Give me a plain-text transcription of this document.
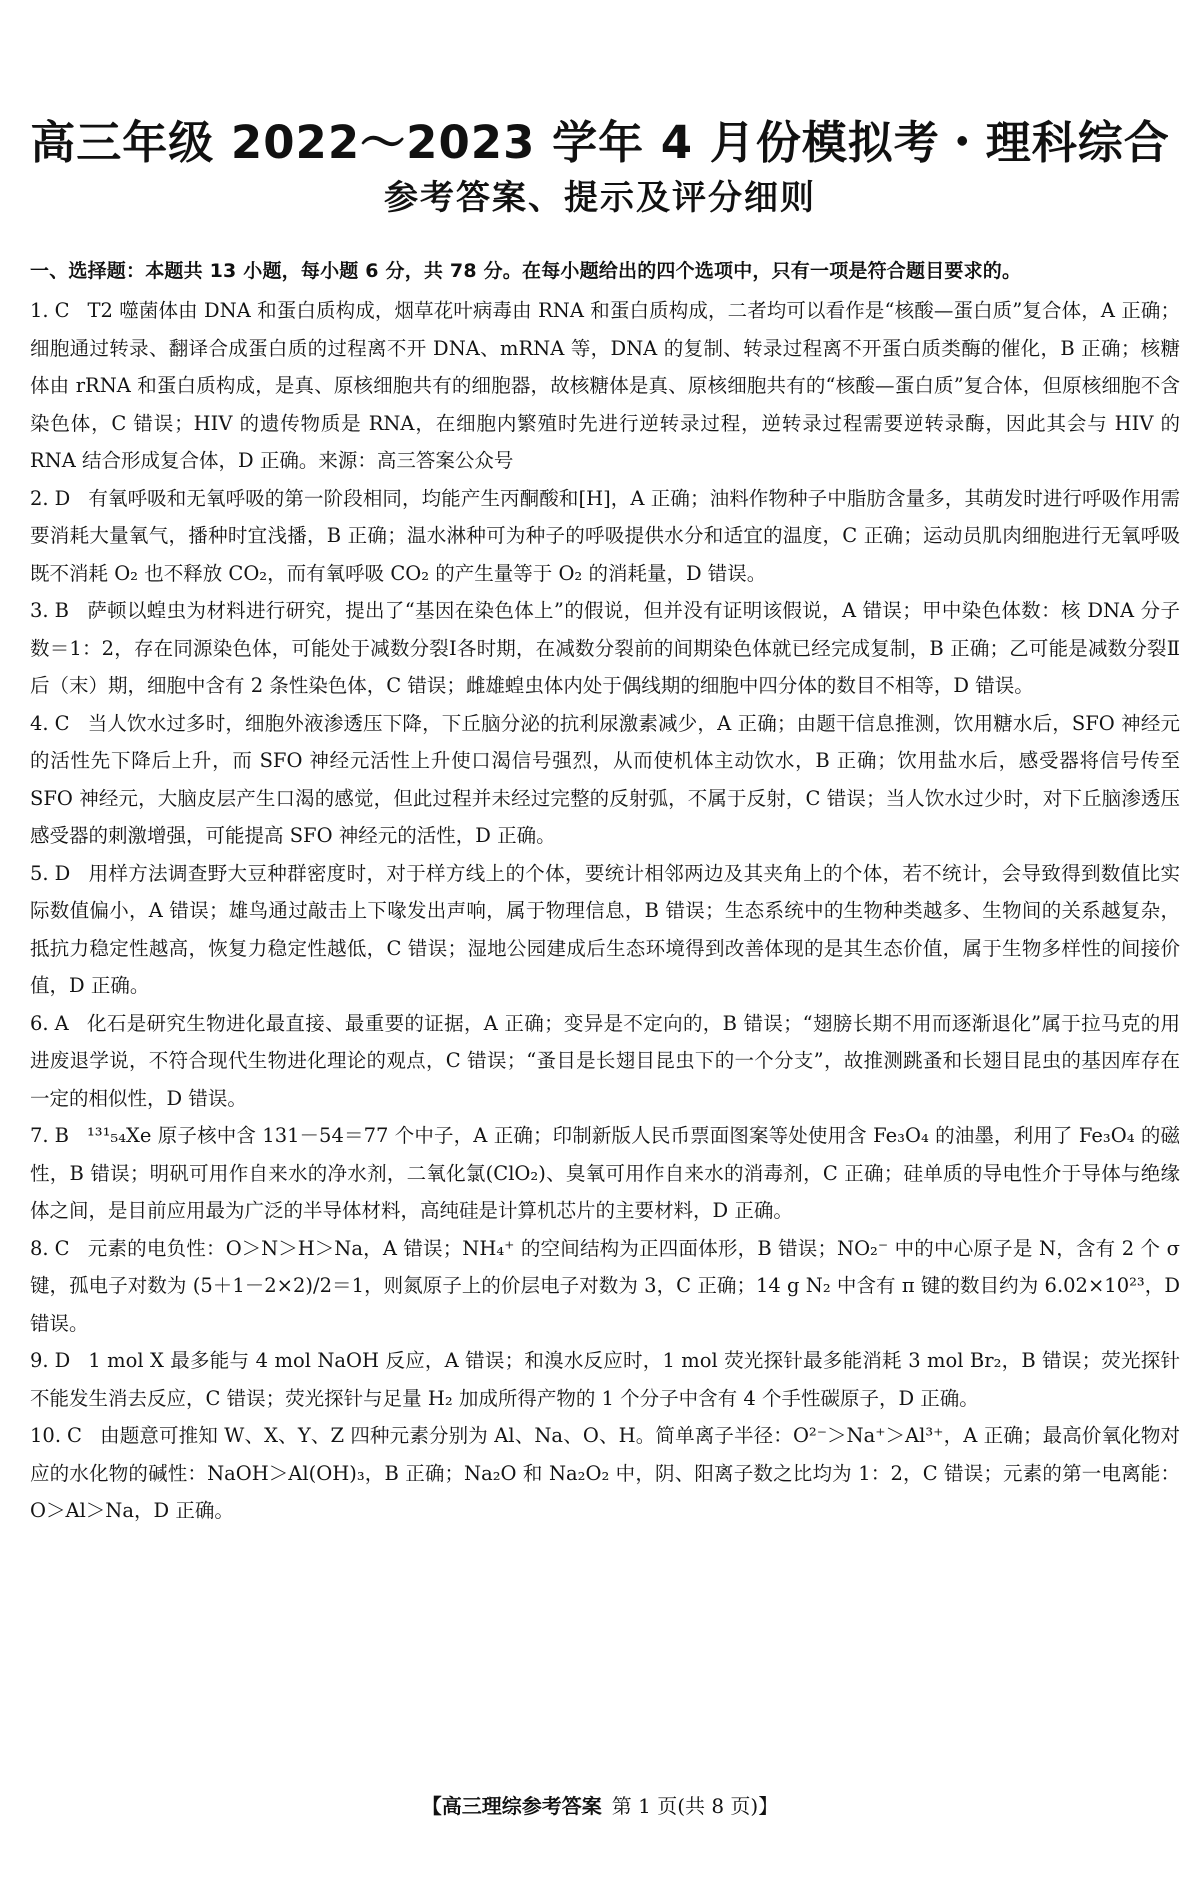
高三年级 2022～2023 学年 4 月份模拟考・理科综合
参考答案、提示及评分细则
一、选择题：本题共 13 小题，每小题 6 分，共 78 分。在每小题给出的四个选项中，只有一项是符合题目要求的。
1. C T2 噬菌体由 DNA 和蛋白质构成，烟草花叶病毒由 RNA 和蛋白质构成，二者均可以看作是“核酸—蛋白质”复合体，A 正确；细胞通过转录、翻译合成蛋白质的过程离不开 DNA、mRNA 等，DNA 的复制、转录过程离不开蛋白质类酶的催化，B 正确；核糖体由 rRNA 和蛋白质构成，是真、原核细胞共有的细胞器，故核糖体是真、原核细胞共有的“核酸—蛋白质”复合体，但原核细胞不含染色体，C 错误；HIV 的遗传物质是 RNA，在细胞内繁殖时先进行逆转录过程，逆转录过程需要逆转录酶，因此其会与 HIV 的 RNA 结合形成复合体，D 正确。来源：高三答案公众号
2. D 有氧呼吸和无氧呼吸的第一阶段相同，均能产生丙酮酸和[H]，A 正确；油料作物种子中脂肪含量多，其萌发时进行呼吸作用需要消耗大量氧气，播种时宜浅播，B 正确；温水淋种可为种子的呼吸提供水分和适宜的温度，C 正确；运动员肌肉细胞进行无氧呼吸既不消耗 O₂ 也不释放 CO₂，而有氧呼吸 CO₂ 的产生量等于 O₂ 的消耗量，D 错误。
3. B 萨顿以蝗虫为材料进行研究，提出了“基因在染色体上”的假说，但并没有证明该假说，A 错误；甲中染色体数：核 DNA 分子数＝1：2，存在同源染色体，可能处于减数分裂Ⅰ各时期，在减数分裂前的间期染色体就已经完成复制，B 正确；乙可能是减数分裂Ⅱ后（末）期，细胞中含有 2 条性染色体，C 错误；雌雄蝗虫体内处于偶线期的细胞中四分体的数目不相等，D 错误。
4. C 当人饮水过多时，细胞外液渗透压下降，下丘脑分泌的抗利尿激素减少，A 正确；由题干信息推测，饮用糖水后，SFO 神经元的活性先下降后上升，而 SFO 神经元活性上升使口渴信号强烈，从而使机体主动饮水，B 正确；饮用盐水后，感受器将信号传至 SFO 神经元，大脑皮层产生口渴的感觉，但此过程并未经过完整的反射弧，不属于反射，C 错误；当人饮水过少时，对下丘脑渗透压感受器的刺激增强，可能提高 SFO 神经元的活性，D 正确。
5. D 用样方法调查野大豆种群密度时，对于样方线上的个体，要统计相邻两边及其夹角上的个体，若不统计，会导致得到数值比实际数值偏小，A 错误；雄鸟通过敲击上下喙发出声响，属于物理信息，B 错误；生态系统中的生物种类越多、生物间的关系越复杂，抵抗力稳定性越高，恢复力稳定性越低，C 错误；湿地公园建成后生态环境得到改善体现的是其生态价值，属于生物多样性的间接价值，D 正确。
6. A 化石是研究生物进化最直接、最重要的证据，A 正确；变异是不定向的，B 错误；“翅膀长期不用而逐渐退化”属于拉马克的用进废退学说，不符合现代生物进化理论的观点，C 错误；“蚤目是长翅目昆虫下的一个分支”，故推测跳蚤和长翅目昆虫的基因库存在一定的相似性，D 错误。
7. B ¹³¹₅₄Xe 原子核中含 131－54＝77 个中子，A 正确；印制新版人民币票面图案等处使用含 Fe₃O₄ 的油墨，利用了 Fe₃O₄ 的磁性，B 错误；明矾可用作自来水的净水剂，二氧化氯(ClO₂)、臭氧可用作自来水的消毒剂，C 正确；硅单质的导电性介于导体与绝缘体之间，是目前应用最为广泛的半导体材料，高纯硅是计算机芯片的主要材料，D 正确。
8. C 元素的电负性：O＞N＞H＞Na，A 错误；NH₄⁺ 的空间结构为正四面体形，B 错误；NO₂⁻ 中的中心原子是 N，含有 2 个 σ 键，孤电子对数为 (5＋1－2×2)/2＝1，则氮原子上的价层电子对数为 3，C 正确；14 g N₂ 中含有 π 键的数目约为 6.02×10²³，D 错误。
9. D 1 mol X 最多能与 4 mol NaOH 反应，A 错误；和溴水反应时，1 mol 荧光探针最多能消耗 3 mol Br₂，B 错误；荧光探针不能发生消去反应，C 错误；荧光探针与足量 H₂ 加成所得产物的 1 个分子中含有 4 个手性碳原子，D 正确。
10. C 由题意可推知 W、X、Y、Z 四种元素分别为 Al、Na、O、H。简单离子半径：O²⁻＞Na⁺＞Al³⁺，A 正确；最高价氧化物对应的水化物的碱性：NaOH＞Al(OH)₃，B 正确；Na₂O 和 Na₂O₂ 中，阴、阳离子数之比均为 1：2，C 错误；元素的第一电离能：O＞Al＞Na，D 正确。
【高三理综参考答案 第 1 页(共 8 页)】
